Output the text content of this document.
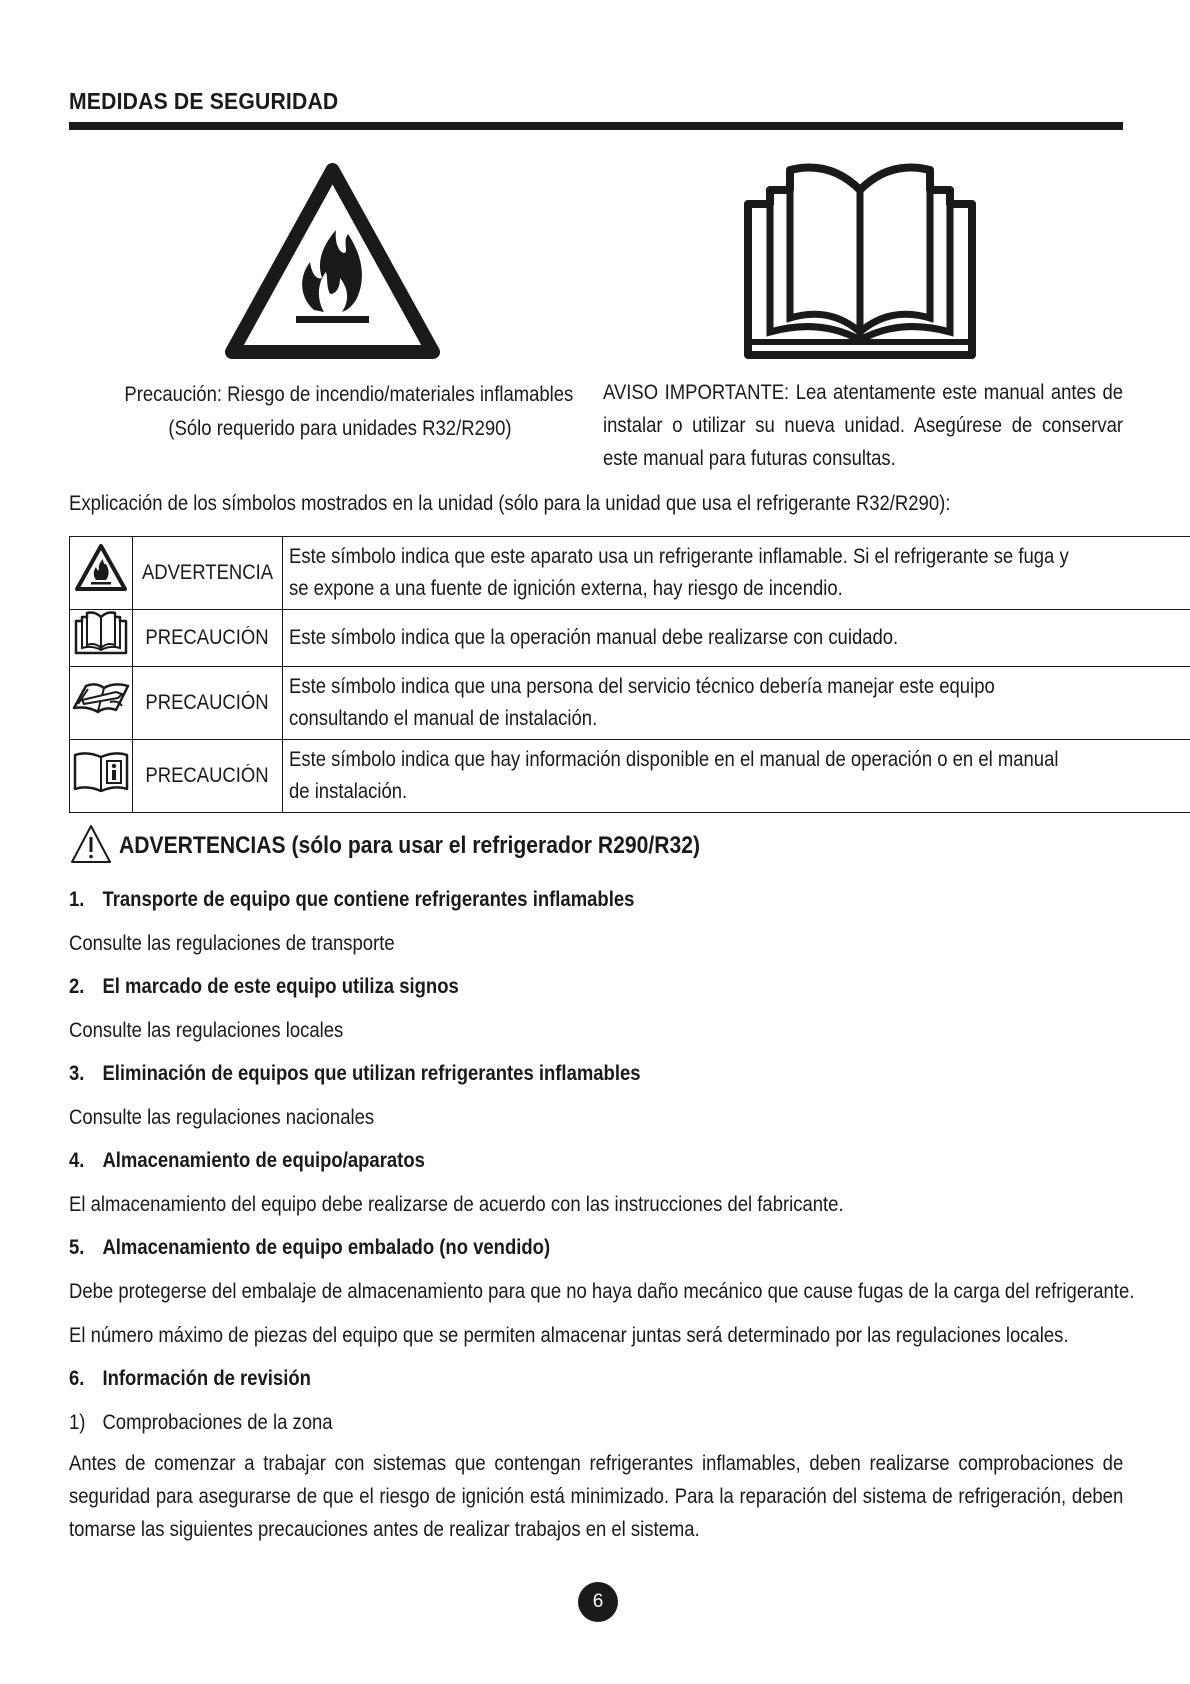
MEDIDAS DE SEGURIDAD
Precaución: Riesgo de incendio/materiales inflamables
(Sólo requerido para unidades R32/R290)
AVISO IMPORTANTE: Lea atentamente este manual antes de instalar o utilizar su nueva unidad. Asegúrese de conservar este manual para futuras consultas.
Explicación de los símbolos mostrados en la unidad (sólo para la unidad que usa el refrigerante R32/R290):
	ADVERTENCIA	Este símbolo indica que este aparato usa un refrigerante inflamable. Si el refrigerante se fuga y se expone a una fuente de ignición externa, hay riesgo de incendio.

	PRECAUCIÓN	Este símbolo indica que la operación manual debe realizarse con cuidado.

	PRECAUCIÓN	Este símbolo indica que una persona del servicio técnico debería manejar este equipo consultando el manual de instalación.

	PRECAUCIÓN	Este símbolo indica que hay información disponible en el manual de operación o en el manual de instalación.
ADVERTENCIAS (sólo para usar el refrigerador R290/R32)
1. Transporte de equipo que contiene refrigerantes inflamables
Consulte las regulaciones de transporte
2. El marcado de este equipo utiliza signos
Consulte las regulaciones locales
3. Eliminación de equipos que utilizan refrigerantes inflamables
Consulte las regulaciones nacionales
4. Almacenamiento de equipo/aparatos
El almacenamiento del equipo debe realizarse de acuerdo con las instrucciones del fabricante.
5. Almacenamiento de equipo embalado (no vendido)
Debe protegerse del embalaje de almacenamiento para que no haya daño mecánico que cause fugas de la carga del refrigerante.
El número máximo de piezas del equipo que se permiten almacenar juntas será determinado por las regulaciones locales.
6. Información de revisión
1) Comprobaciones de la zona
Antes de comenzar a trabajar con sistemas que contengan refrigerantes inflamables, deben realizarse comprobaciones de seguridad para asegurarse de que el riesgo de ignición está minimizado. Para la reparación del sistema de refrigeración, deben tomarse las siguientes precauciones antes de realizar trabajos en el sistema.
6
